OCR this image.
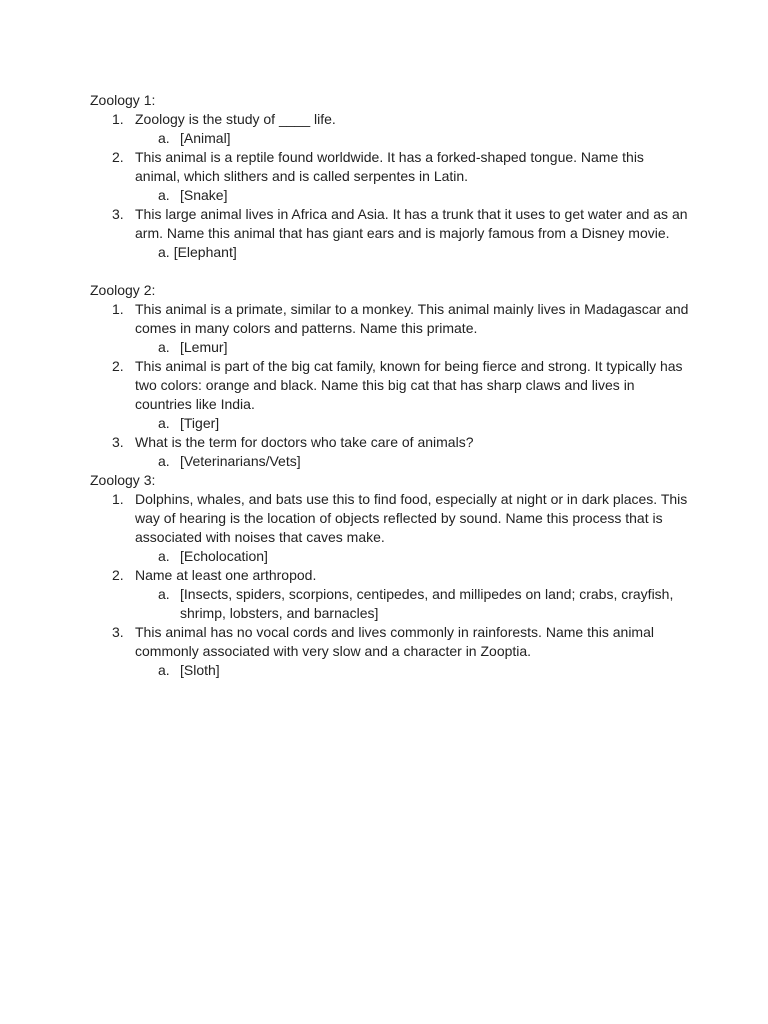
Zoology 1:

1. Zoology is the study of ____ life.
a. [Animal]
2. This animal is a reptile found worldwide. It has a forked-shaped tongue. Name this animal, which slithers and is called serpentes in Latin.
a. [Snake]
3. This large animal lives in Africa and Asia. It has a trunk that it uses to get water and as an arm. Name this animal that has giant ears and is majorly famous from a Disney movie.
a. [Elephant]

Zoology 2:

1. This animal is a primate, similar to a monkey. This animal mainly lives in Madagascar and comes in many colors and patterns. Name this primate.
a. [Lemur]
2. This animal is part of the big cat family, known for being fierce and strong. It typically has two colors: orange and black. Name this big cat that has sharp claws and lives in countries like India.
a. [Tiger]
3. What is the term for doctors who take care of animals?
a. [Veterinarians/Vets]

Zoology 3:

1. Dolphins, whales, and bats use this to find food, especially at night or in dark places. This way of hearing is the location of objects reflected by sound. Name this process that is associated with noises that caves make.
a. [Echolocation]
2. Name at least one arthropod.
a. [Insects, spiders, scorpions, centipedes, and millipedes on land; crabs, crayfish, shrimp, lobsters, and barnacles]
3. This animal has no vocal cords and lives commonly in rainforests. Name this animal commonly associated with very slow and a character in Zooptia.
a. [Sloth]
